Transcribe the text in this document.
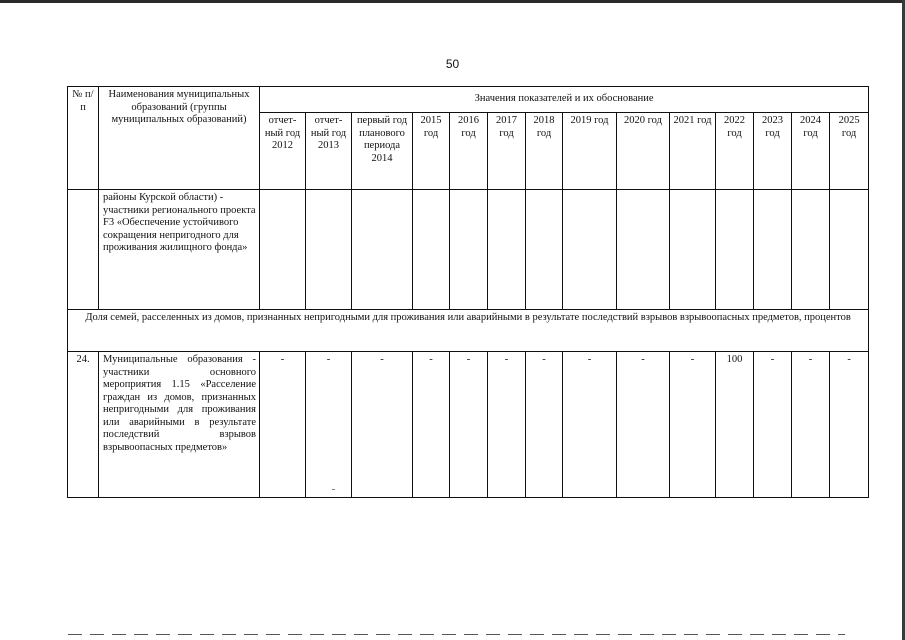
50
№ п/п	Наименования муниципальных образований (группы муниципальных образований)	Значения показателей и их обоснование													
		отчет-ный год 2012	отчет-ный год 2013	первый год планового периода 2014	2015 год	2016 год	2017 год	2018 год	2019 год	2020 год	2021 год	2022 год	2023 год	2024 год	2025 год
	районы Курской области) - участники регионального проекта F3 «Обеспечение устойчивого сокращения непригодного для проживания жилищного фонда»														
Доля семей, расселенных из домов, признанных непригодными для проживания или аварийными в результате последствий взрывов взрывоопасных предметов, процентов															
24.	Муниципальные образования - участники основного мероприятия 1.15 «Расселение граждан из домов, признанных непригодными для проживания или аварийными в результате последствий взрывов взрывоопасных предметов»	-	-	-	-	-	-	-	-	-	-	100	-	-	-
